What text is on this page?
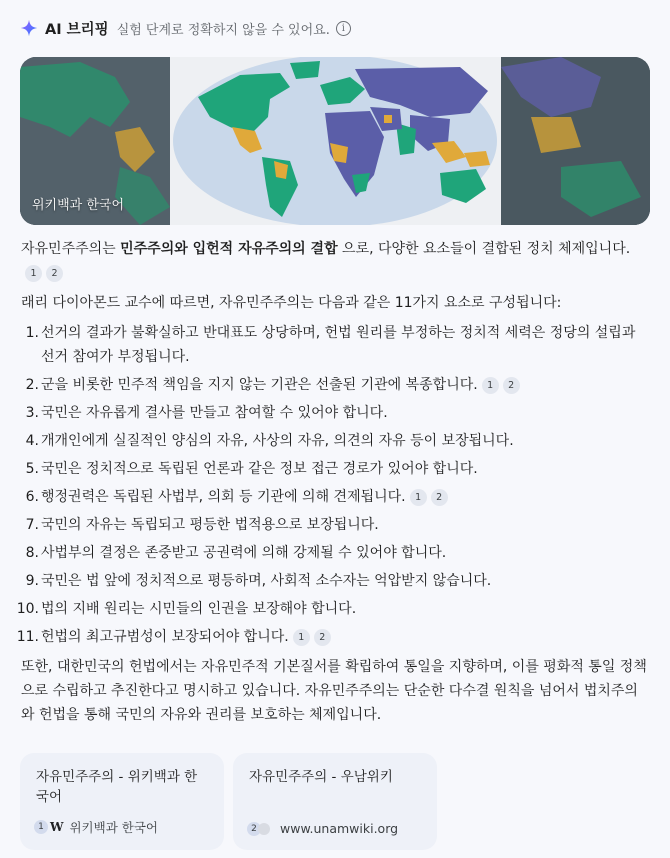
AI 브리핑 실험 단계로 정확하지 않을 수 있어요.	i
위키백과 한국어

자유민주주의는 민주주의와 입헌적 자유주의의 결합 으로, 다양한 요소들이 결합된 정치 체제입니다.1 2

래리 다이아몬드 교수에 따르면, 자유민주주의는 다음과 같은 11가지 요소로 구성됩니다:

1. 선거의 결과가 불확실하고 반대표도 상당하며, 헌법 원리를 부정하는 정치적 세력은 정당의 설립과 선거 참여가 부정됩니다.
2. 군을 비롯한 민주적 책임을 지지 않는 기관은 선출된 기관에 복종합니다. 1 2
3. 국민은 자유롭게 결사를 만들고 참여할 수 있어야 합니다.
4. 개개인에게 실질적인 양심의 자유, 사상의 자유, 의견의 자유 등이 보장됩니다.
5. 국민은 정치적으로 독립된 언론과 같은 정보 접근 경로가 있어야 합니다.
6. 행정권력은 독립된 사법부, 의회 등 기관에 의해 견제됩니다. 1 2
7. 국민의 자유는 독립되고 평등한 법적용으로 보장됩니다.
8. 사법부의 결정은 존중받고 공권력에 의해 강제될 수 있어야 합니다.
9. 국민은 법 앞에 정치적으로 평등하며, 사회적 소수자는 억압받지 않습니다.
10. 법의 지배 원리는 시민들의 인권을 보장해야 합니다.
11. 헌법의 최고규범성이 보장되어야 합니다. 1 2

또한, 대한민국의 헌법에서는 자유민주적 기본질서를 확립하여 통일을 지향하며, 이를 평화적 통일 정책으로 수립하고 추진한다고 명시하고 있습니다. 자유민주주의는 단순한 다수결 원칙을 넘어서 법치주의와 헌법을 통해 국민의 자유와 권리를 보호하는 체제입니다.

자유민주주의 - 위키백과 한국어
1 W 위키백과 한국어
자유민주주의 - 우남위키
2	www.unamwiki.org
